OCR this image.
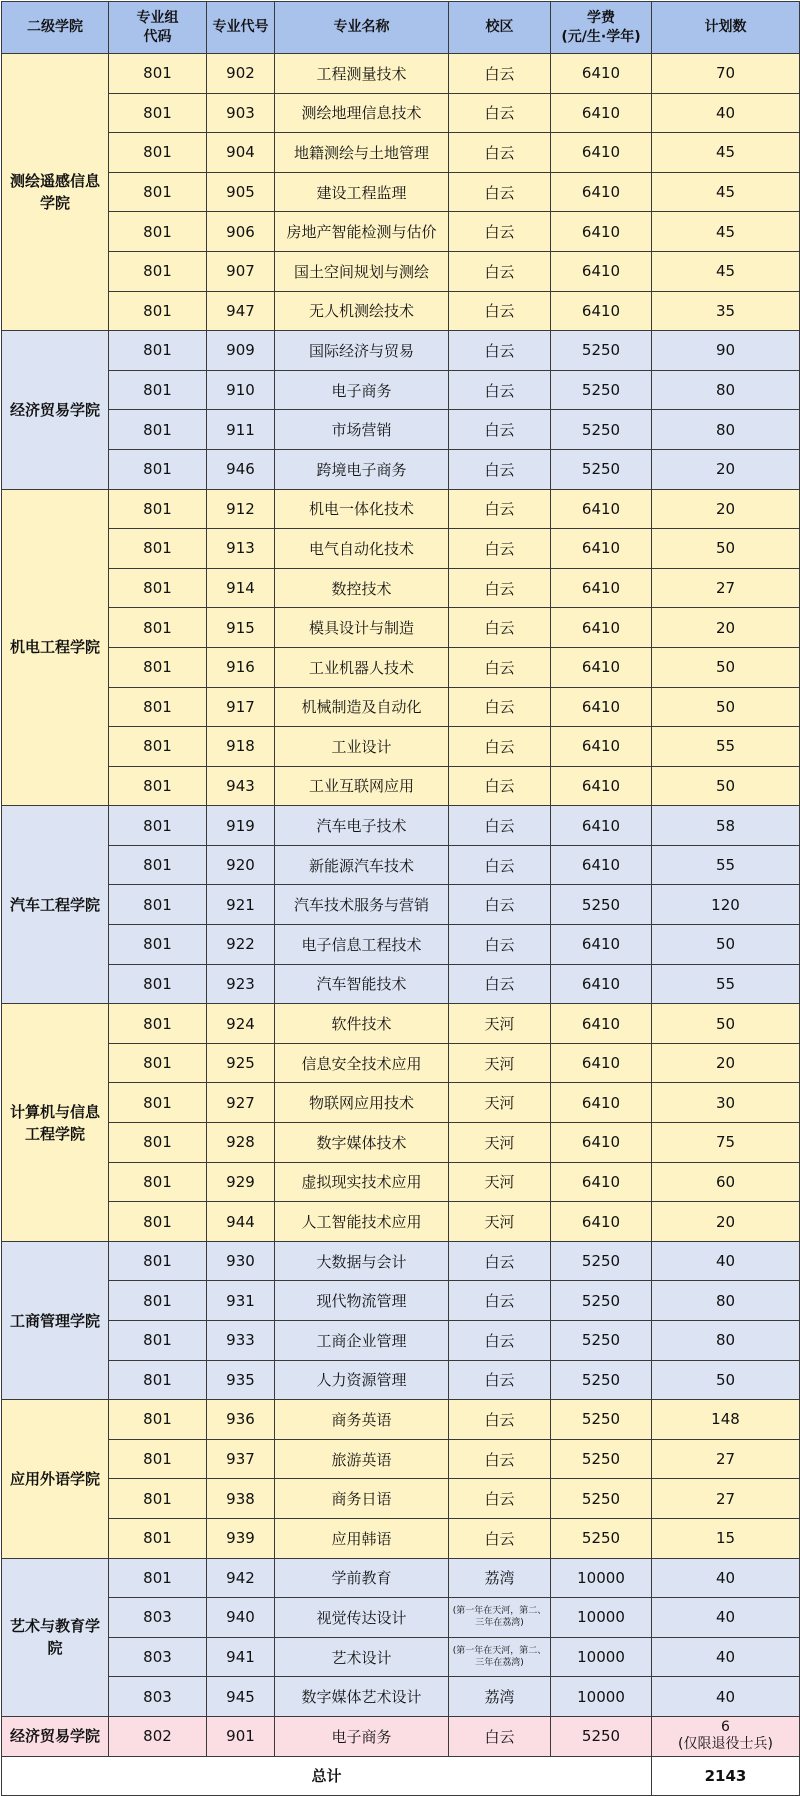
二级学院	专业组
代码	专业代号	专业名称	校区	学费
(元/生·学年)	计划数
测绘遥感信息学院	801	902	工程测量技术	白云	6410	70
	801	903	测绘地理信息技术	白云	6410	40
	801	904	地籍测绘与土地管理	白云	6410	45
	801	905	建设工程监理	白云	6410	45
	801	906	房地产智能检测与估价	白云	6410	45
	801	907	国土空间规划与测绘	白云	6410	45
	801	947	无人机测绘技术	白云	6410	35
经济贸易学院	801	909	国际经济与贸易	白云	5250	90
	801	910	电子商务	白云	5250	80
	801	911	市场营销	白云	5250	80
	801	946	跨境电子商务	白云	5250	20
机电工程学院	801	912	机电一体化技术	白云	6410	20
	801	913	电气自动化技术	白云	6410	50
	801	914	数控技术	白云	6410	27
	801	915	模具设计与制造	白云	6410	20
	801	916	工业机器人技术	白云	6410	50
	801	917	机械制造及自动化	白云	6410	50
	801	918	工业设计	白云	6410	55
	801	943	工业互联网应用	白云	6410	50
汽车工程学院	801	919	汽车电子技术	白云	6410	58
	801	920	新能源汽车技术	白云	6410	55
	801	921	汽车技术服务与营销	白云	5250	120
	801	922	电子信息工程技术	白云	6410	50
	801	923	汽车智能技术	白云	6410	55
计算机与信息工程学院	801	924	软件技术	天河	6410	50
	801	925	信息安全技术应用	天河	6410	20
	801	927	物联网应用技术	天河	6410	30
	801	928	数字媒体技术	天河	6410	75
	801	929	虚拟现实技术应用	天河	6410	60
	801	944	人工智能技术应用	天河	6410	20
工商管理学院	801	930	大数据与会计	白云	5250	40
	801	931	现代物流管理	白云	5250	80
	801	933	工商企业管理	白云	5250	80
	801	935	人力资源管理	白云	5250	50
应用外语学院	801	936	商务英语	白云	5250	148
	801	937	旅游英语	白云	5250	27
	801	938	商务日语	白云	5250	27
	801	939	应用韩语	白云	5250	15
艺术与教育学院	801	942	学前教育	荔湾	10000	40
	803	940	视觉传达设计	(第一年在天河，第二、三年在荔湾)	10000	40
	803	941	艺术设计	(第一年在天河，第二、三年在荔湾)	10000	40
	803	945	数字媒体艺术设计	荔湾	10000	40
经济贸易学院	802	901	电子商务	白云	5250	6
(仅限退役士兵)
总计						2143
